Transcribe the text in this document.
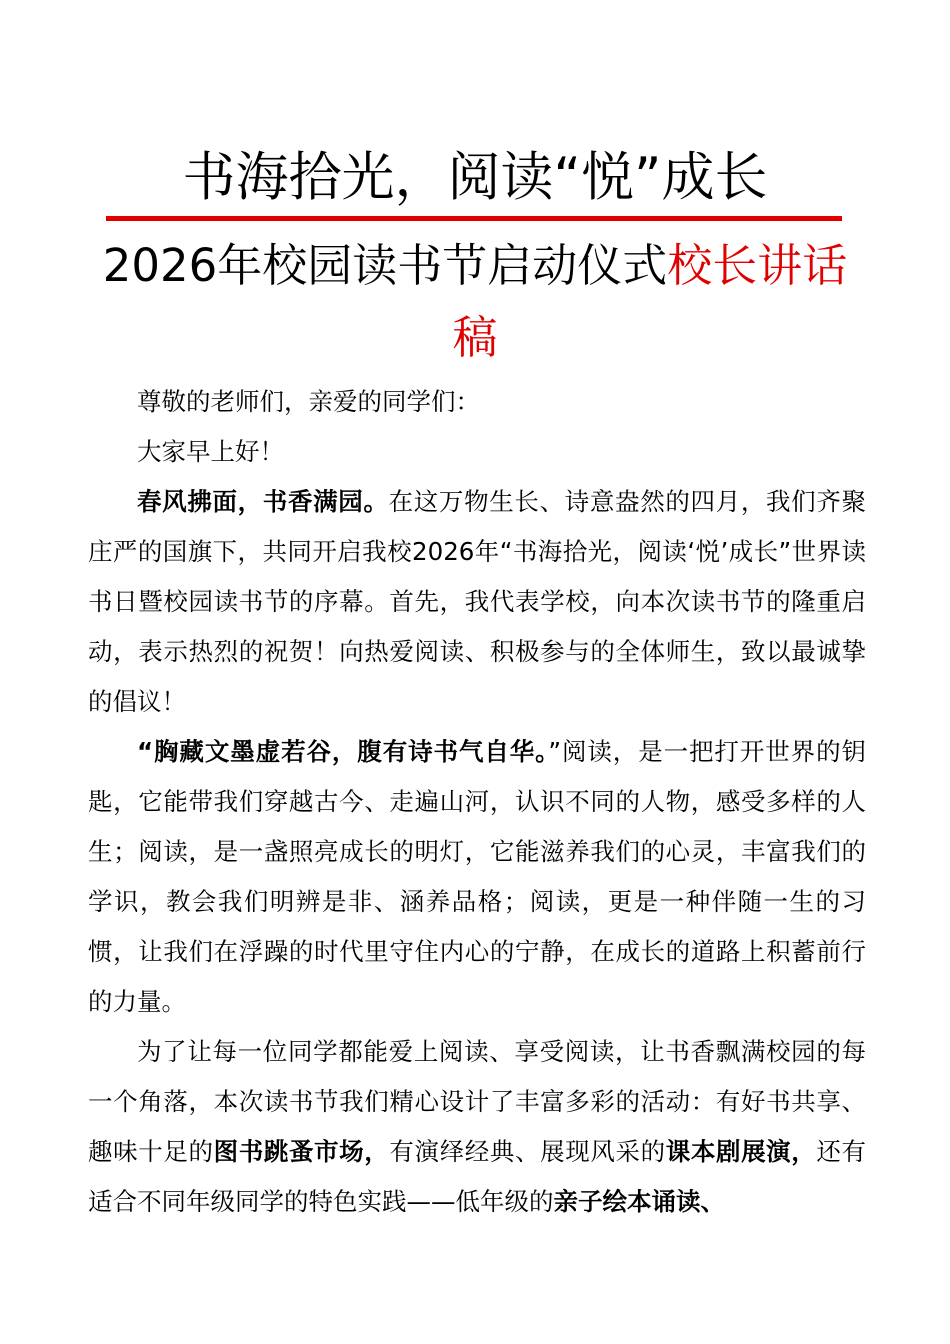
书海拾光，阅读“悦”成长
2026年校园读书节启动仪式校长讲话
稿

尊敬的老师们，亲爱的同学们：

大家早上好！

春风拂面，书香满园。在这万物生长、诗意盎然的四月，我们齐聚庄严的国旗下，共同开启我校2026年“书海拾光，阅读‘悦’成长”世界读书日暨校园读书节的序幕。首先，我代表学校，向本次读书节的隆重启动，表示热烈的祝贺！向热爱阅读、积极参与的全体师生，致以最诚挚的倡议！

“胸藏文墨虚若谷，腹有诗书气自华。”阅读，是一把打开世界的钥匙，它能带我们穿越古今、走遍山河，认识不同的人物，感受多样的人生；阅读，是一盏照亮成长的明灯，它能滋养我们的心灵，丰富我们的学识，教会我们明辨是非、涵养品格；阅读，更是一种伴随一生的习惯，让我们在浮躁的时代里守住内心的宁静，在成长的道路上积蓄前行的力量。

为了让每一位同学都能爱上阅读、享受阅读，让书香飘满校园的每一个角落，本次读书节我们精心设计了丰富多彩的活动：有好书共享、趣味十足的图书跳蚤市场，有演绎经典、展现风采的课本剧展演，还有适合不同年级同学的特色实践——低年级的亲子绘本诵读、
